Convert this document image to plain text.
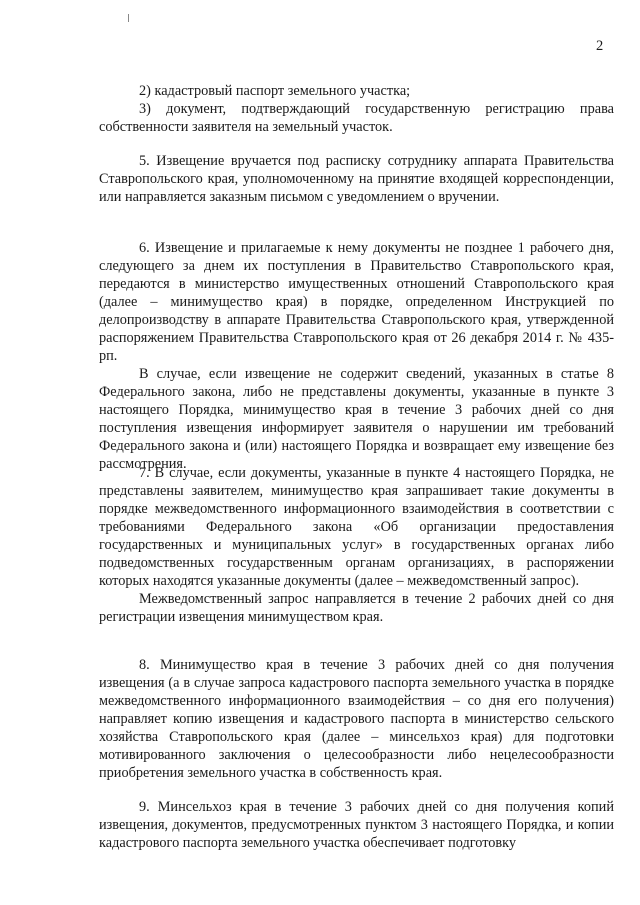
2

2) кадастровый паспорт земельного участка;

3) документ, подтверждающий государственную регистрацию права собственности заявителя на земельный участок.

5. Извещение вручается под расписку сотруднику аппарата Правительства Ставропольского края, уполномоченному на принятие входящей корреспонденции, или направляется заказным письмом с уведомлением о вручении.

6. Извещение и прилагаемые к нему документы не позднее 1 рабочего дня, следующего за днем их поступления в Правительство Ставропольского края, передаются в министерство имущественных отношений Ставропольского края (далее – минимущество края) в порядке, определенном Инструкцией по делопроизводству в аппарате Правительства Ставропольского края, утвержденной распоряжением Правительства Ставропольского края от 26 декабря 2014 г. № 435-рп.

В случае, если извещение не содержит сведений, указанных в статье 8 Федерального закона, либо не представлены документы, указанные в пункте 3 настоящего Порядка, минимущество края в течение 3 рабочих дней со дня поступления извещения информирует заявителя о нарушении им требований Федерального закона и (или) настоящего Порядка и возвращает ему извещение без рассмотрения.

7. В случае, если документы, указанные в пункте 4 настоящего Порядка, не представлены заявителем, минимущество края запрашивает такие документы в порядке межведомственного информационного взаимодействия в соответствии с требованиями Федерального закона «Об организации предоставления государственных и муниципальных услуг» в государственных органах либо подведомственных государственным органам организациях, в распоряжении которых находятся указанные документы (далее – межведомственный запрос).

Межведомственный запрос направляется в течение 2 рабочих дней со дня регистрации извещения минимуществом края.

8. Минимущество края в течение 3 рабочих дней со дня получения извещения (а в случае запроса кадастрового паспорта земельного участка в порядке межведомственного информационного взаимодействия – со дня его получения) направляет копию извещения и кадастрового паспорта в министерство сельского хозяйства Ставропольского края (далее – минсельхоз края) для подготовки мотивированного заключения о целесообразности либо нецелесообразности приобретения земельного участка в собственность края.

9. Минсельхоз края в течение 3 рабочих дней со дня получения копий извещения, документов, предусмотренных пунктом 3 настоящего Порядка, и копии кадастрового паспорта земельного участка обеспечивает подготовку
